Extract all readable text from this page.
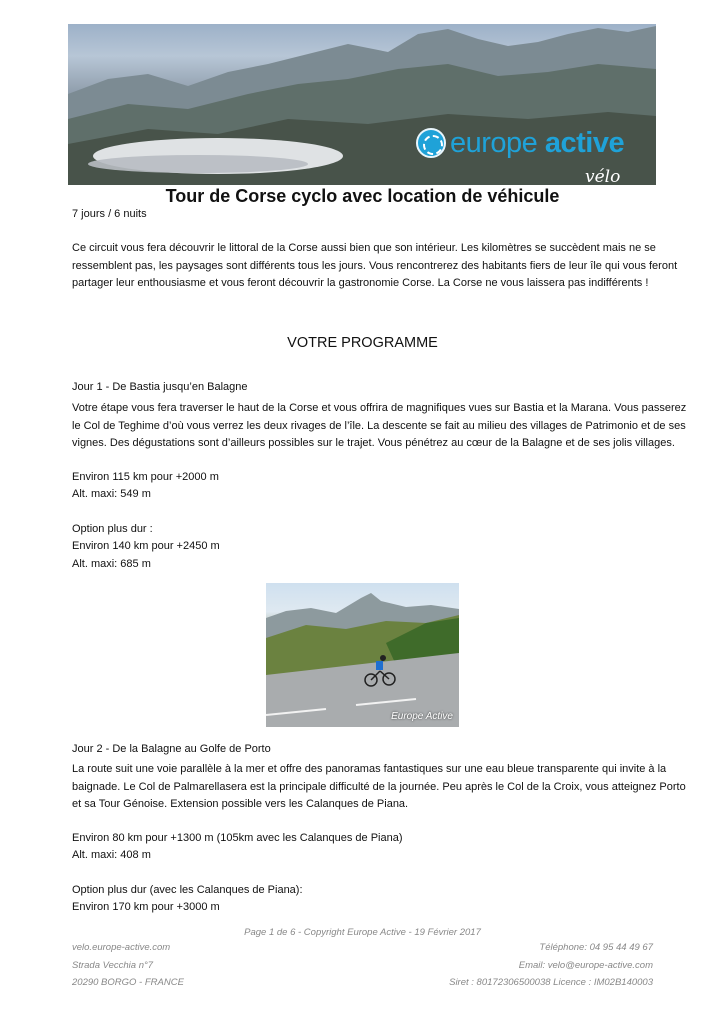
europe active
vélo
Tour de Corse cyclo avec location de véhicule
7 jours / 6 nuits
Ce circuit vous fera découvrir le littoral de la Corse aussi bien que son intérieur. Les kilomètres se succèdent mais ne se ressemblent pas, les paysages sont différents tous les jours. Vous rencontrerez des habitants fiers de leur île qui vous feront partager leur enthousiasme et vous feront découvrir la gastronomie Corse. La Corse ne vous laissera pas indifférents !
VOTRE PROGRAMME
Jour 1 - De Bastia jusqu’en Balagne
Votre étape vous fera traverser le haut de la Corse et vous offrira de magnifiques vues sur Bastia et la Marana. Vous passerez le Col de Teghime d’où vous verrez les deux rivages de l’île. La descente se fait au milieu des villages de Patrimonio et de ses vignes. Des dégustations sont d’ailleurs possibles sur le trajet. Vous pénétrez au cœur de la Balagne et de ses jolis villages.
Environ 115 km pour +2000 m
Alt. maxi: 549 m
Option plus dur :
Environ 140 km pour +2450 m
Alt. maxi: 685 m
Europe Active
Jour 2 - De la Balagne au Golfe de Porto
La route suit une voie parallèle à la mer et offre des panoramas fantastiques sur une eau bleue transparente qui invite à la baignade. Le Col de Palmarellasera est la principale difficulté de la journée. Peu après le Col de la Croix, vous atteignez Porto et sa Tour Génoise. Extension possible vers les Calanques de Piana.
Environ 80 km pour +1300 m (105km avec les Calanques de Piana)
Alt. maxi: 408 m
Option plus dur (avec les Calanques de Piana):
Environ 170 km pour +3000 m
Page 1 de 6 - Copyright Europe Active - 19 Février 2017
velo.europe-active.com
Strada Vecchia n°7
20290 BORGO - FRANCE
Téléphone: 04 95 44 49 67
Email: velo@europe-active.com
Siret : 80172306500038 Licence : IM02B140003
